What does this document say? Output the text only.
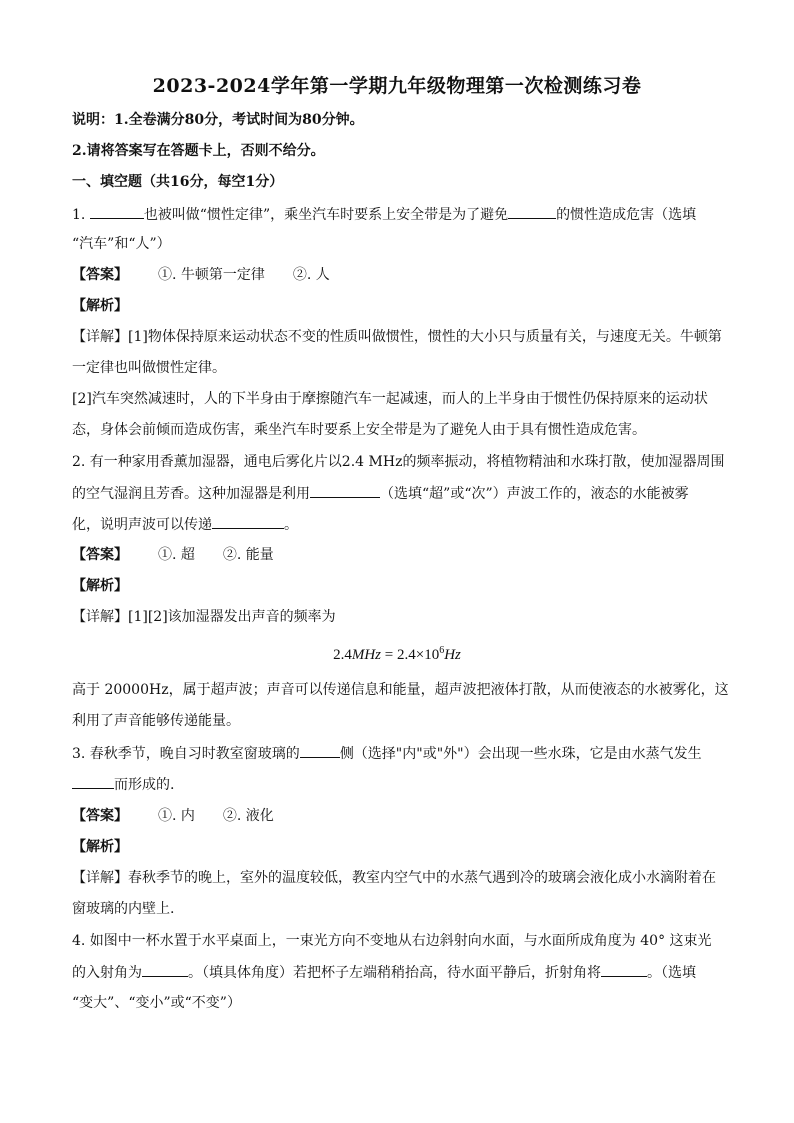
2023-2024学年第一学期九年级物理第一次检测练习卷
说明：1.全卷满分80分，考试时间为80分钟。
2.请将答案写在答题卡上，否则不给分。
一、填空题（共16分，每空1分）
1.	也被叫做“惯性定律”，乘坐汽车时要系上安全带是为了避免	的惯性造成危害（选填
“汽车”和“人”）
【答案】 ①. 牛顿第一定律 ②. 人
【解析】
【详解】[1]物体保持原来运动状态不变的性质叫做惯性，惯性的大小只与质量有关，与速度无关。牛顿第
一定律也叫做惯性定律。
[2]汽车突然减速时，人的下半身由于摩擦随汽车一起减速，而人的上半身由于惯性仍保持原来的运动状
态，身体会前倾而造成伤害，乘坐汽车时要系上安全带是为了避免人由于具有惯性造成危害。
2. 有一种家用香薰加湿器，通电后雾化片以2.4 MHz的频率振动，将植物精油和水珠打散，使加湿器周围
的空气湿润且芳香。这种加湿器是利用	（选填“超”或“次”）声波工作的，液态的水能被雾
化，说明声波可以传递	。
【答案】 ①. 超 ②. 能量
【解析】
【详解】[1][2]该加湿器发出声音的频率为
$2.4MHz = 2.4\times 10^6Hz$
高于 20000Hz，属于超声波；声音可以传递信息和能量，超声波把液体打散，从而使液态的水被雾化，这
利用了声音能够传递能量。
3. 春秋季节，晚自习时教室窗玻璃的	侧（选择"内"或"外"）会出现一些水珠，它是由水蒸气发生
而形成的.
【答案】 ①. 内 ②. 液化
【解析】
【详解】春秋季节的晚上，室外的温度较低，教室内空气中的水蒸气遇到冷的玻璃会液化成小水滴附着在
窗玻璃的内壁上.
4. 如图中一杯水置于水平桌面上，一束光方向不变地从右边斜射向水面，与水面所成角度为 40° 这束光
的入射角为	。（填具体角度）若把杯子左端稍稍抬高，待水面平静后，折射角将	。（选填
“变大”、“变小”或“不变”）
